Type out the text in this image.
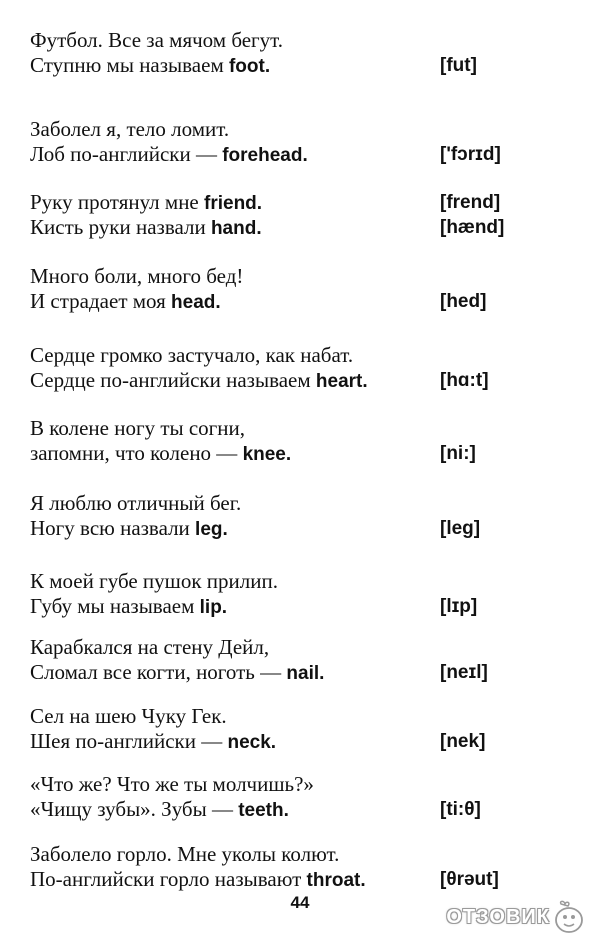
Футбол. Все за мячом бегут.
Ступню мы называем foot.	[fut]
Заболел я, тело ломит.
Лоб по-английски — forehead.	['fɔrɪd]
Руку протянул мне friend.	[frend]
Кисть руки назвали hand.	[hænd]
Много боли, много бед!
И страдает моя head.	[hed]
Сердце громко застучало, как набат.
Сердце по-английски называем heart.	[hɑ:t]
В колене ногу ты согни,
запомни, что колено — knee.	[ni:]
Я люблю отличный бег.
Ногу всю назвали leg.	[leg]
К моей губе пушок прилип.
Губу мы называем lip.	[lɪp]
Карабкался на стену Дейл,
Сломал все когти, ноготь — nail.	[neɪl]
Сел на шею Чуку Гек.
Шея по-английски — neck.	[nek]
«Что же? Что же ты молчишь?»
«Чищу зубы». Зубы — teeth.	[ti:θ]
Заболело горло. Мне уколы колют.
По-английски горло называют throat.	[θrəut]
44
ОТЗОВИК
